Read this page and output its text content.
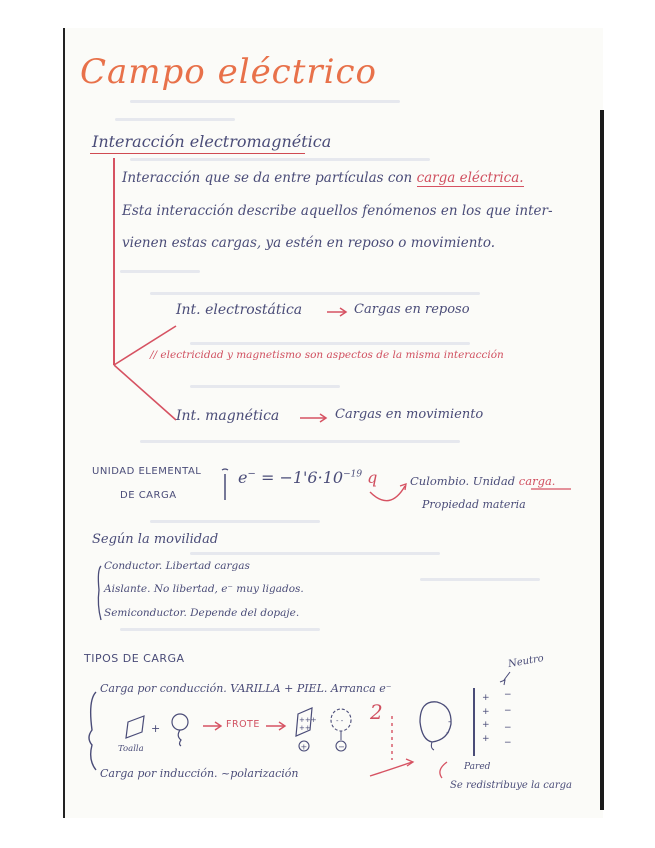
Campo eléctrico
Interacción electromagnética
Interacción que se da entre partículas con carga eléctrica.
Esta interacción describe aquellos fenómenos en los que inter-
vienen estas cargas, ya estén en reposo o movimiento.
+
+++
++
+
- -
−
-
-
+
+
+
+
−
−
−
−
Int. electrostática	Cargas en reposo
// electricidad y magnetismo son aspectos de la misma interacción
Int. magnética	Cargas en movimiento
UNIDAD ELEMENTAL
DE CARGA
$e^- = -1'6\cdot 10^{-19}$ q	Culombio. Unidad carga.
Propiedad materia
Según la movilidad
Conductor. Libertad cargas
Aislante. No libertad, e⁻ muy ligados.
Semiconductor. Depende del dopaje.
TIPOS DE CARGA
Carga por conducción. VARILLA + PIEL. Arranca e⁻
Toalla
FROTE
2
Neutro
Carga por inducción. ~polarización	Pared
Se redistribuye la carga
